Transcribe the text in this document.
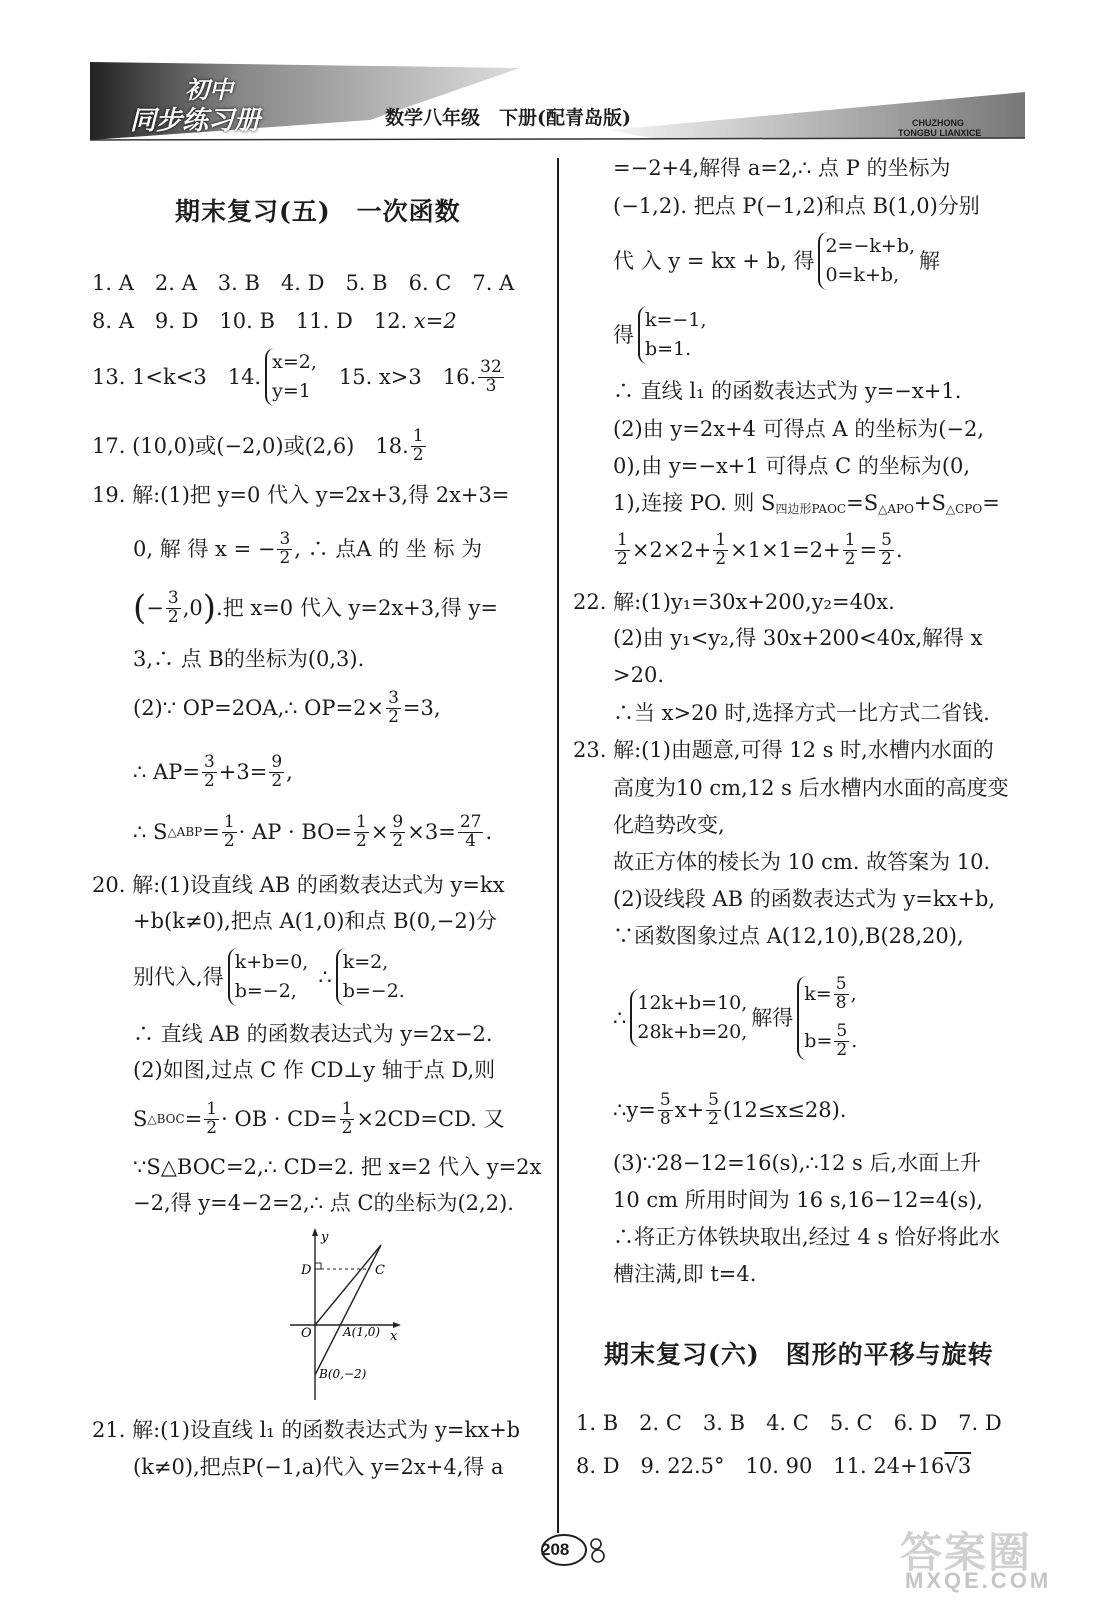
初中
同步练习册	数学八年级　下册(配青岛版)	CHUZHONG
TONGBU LIANXICE
期末复习(五)　一次函数
1. A　2. A　3. B　4. D　5. B　6. C　7. A
8. A　9. D　10. B　11. D　12. x=2
13. 1<k<3　14.
x=2,
y=1
15. x>3　16. $\frac{32}{3}$
17. (10,0)或(−2,0)或(2,6)　18. $\frac{1}{2}$
19. 解:(1)把 y=0 代入 y=2x+3,得 2x+3=
0, 解 得 x = − $\frac{3}{2}$ , ∴ 点A 的 坐 标 为
( − $\frac{3}{2} ,0$ ) .把 x=0 代入 y=2x+3,得 y=
3,∴ 点 B的坐标为(0,3).
(2)∵ OP=2OA,∴ $OP=2\times \frac{3}{2} =3$,
∴ $AP= \frac{3}{2} +3= \frac{9}{2}$ ,
∴ S △ABP = $\frac{1}{2}$ · AP · $BO= \frac{1}{2} \times \frac{9}{2} \times 3= \frac{27}{4}$ .
20. 解:(1)设直线 AB 的函数表达式为 y=kx
+b(k≠0),把点 A(1,0)和点 B(0,−2)分
别代入,得
k+b=0,
b=−2,
∴
k=2,
b=−2.
∴ 直线 AB 的函数表达式为 y=2x−2.
(2)如图,过点 C 作 CD⊥y 轴于点 D,则
S △BOC = $\frac{1}{2}$ · OB · $CD= \frac{1}{2} \times 2CD=CD$. 又
∵S△BOC=2,∴ CD=2. 把 x=2 代入 y=2x
−2,得 y=4−2=2,∴ 点 C的坐标为(2,2).
y
x
O
D	C
A(1,0)
B(0,−2)
21. 解:(1)设直线 l₁ 的函数表达式为 y=kx+b
(k≠0),把点P(−1,a)代入 y=2x+4,得 a
=−2+4,解得 a=2,∴ 点 P 的坐标为
(−1,2). 把点 P(−1,2)和点 B(1,0)分别
代 入 y = kx + b, 得
2=−k+b,
0=k+b,
解
得
k=−1,
b=1.
∴ 直线 l₁ 的函数表达式为 y=−x+1.
(2)由 y=2x+4 可得点 A 的坐标为(−2,
0),由 y=−x+1 可得点 C 的坐标为(0,
1),连接 PO. 则 $S_{四边形PAOC}=S_{\triangle APO}+S_{\triangle CPO}=$
$\frac{1}{2} \times 2\times 2+ \frac{1}{2} \times 1\times 1=2+ \frac{1}{2} = \frac{5}{2}$ .
22. 解:(1)y₁=30x+200,y₂=40x.
(2)由 y₁<y₂,得 30x+200<40x,解得 x
>20.
∴当 x>20 时,选择方式一比方式二省钱.
23. 解:(1)由题意,可得 12 s 时,水槽内水面的
高度为10 cm,12 s 后水槽内水面的高度变
化趋势改变,
故正方体的棱长为 10 cm. 故答案为 10.
(2)设线段 AB 的函数表达式为 y=kx+b,
∵函数图象过点 A(12,10),B(28,20),
∴
12k+b=10,
28k+b=20,
解得
$k= \frac{5}{8}$ ,
$b= \frac{5}{2}$ .
∴y= $\frac{5}{8} x+ \frac{5}{2} (12\le x\le 28)$.
(3)∵28−12=16(s),∴12 s 后,水面上升
10 cm 所用时间为 16 s,16−12=4(s),
∴将正方体铁块取出,经过 4 s 恰好将此水
槽注满,即 t=4.
期末复习(六)　图形的平移与旋转
1. B　2. C　3. B　4. C　5. C　6. D　7. D
8. D　9. 22.5°　10. 90　11. 24+16√3
208	答案圈
MXQE.COM
